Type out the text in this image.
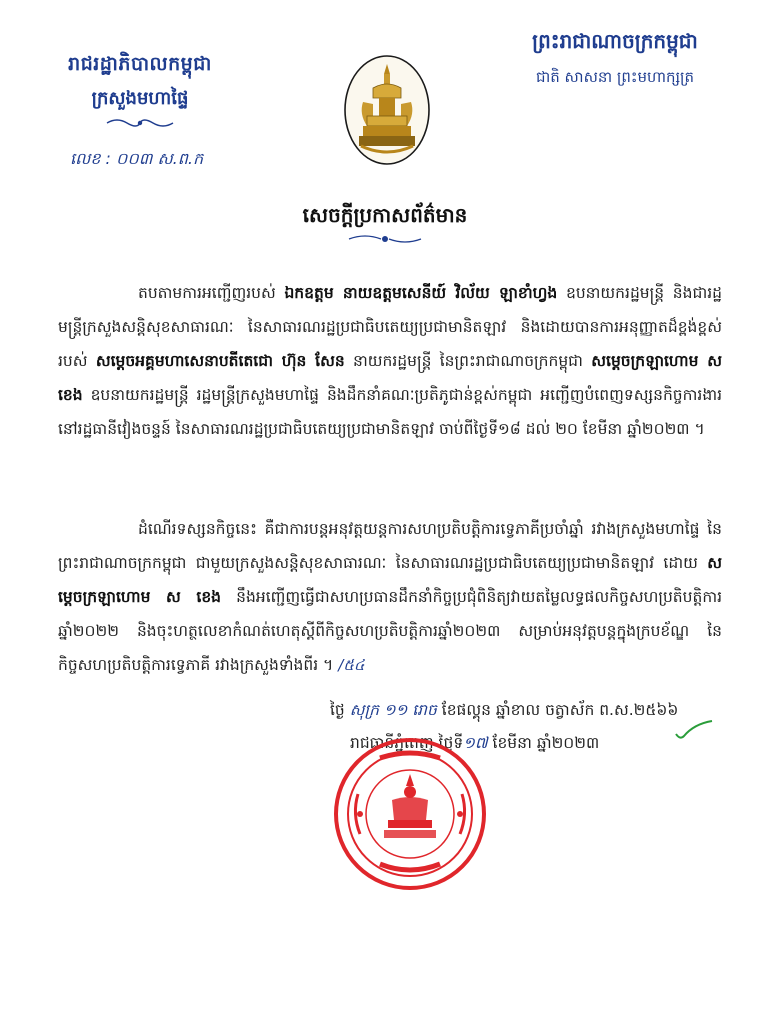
រាជរដ្ឋាភិបាលកម្ពុជា
ក្រសួងមហាផ្ទៃ
លេខ : ០០៣ ស.ព.ក
ព្រះរាជាណាចក្រកម្ពុជា
ជាតិ សាសនា ព្រះមហាក្សត្រ
សេចក្តីប្រកាសព័ត៌មាន
តបតាមការអញ្ជើញរបស់ ឯកឧត្តម នាយឧត្តមសេនីយ៍ វិល័យ ឡាខាំហ្វង ឧបនាយករដ្ឋមន្ត្រី និងជារដ្ឋមន្ត្រីក្រសួងសន្តិសុខសាធារណៈ នៃសាធារណរដ្ឋប្រជាធិបតេយ្យប្រជាមានិតឡាវ និងដោយបានការអនុញ្ញាតដ៏ខ្ពង់ខ្ពស់របស់ សម្តេចអគ្គមហាសេនាបតីតេជោ ហ៊ុន សែន នាយករដ្ឋមន្ត្រី នៃព្រះរាជាណាចក្រកម្ពុជា សម្តេចក្រឡាហោម ស ខេង ឧបនាយករដ្ឋមន្ត្រី រដ្ឋមន្ត្រីក្រសួងមហាផ្ទៃ និងដឹកនាំគណៈប្រតិភូជាន់ខ្ពស់កម្ពុជា អញ្ជើញបំពេញទស្សនកិច្ចការងារ នៅរដ្ឋធានីវៀងចន្ទន៍ នៃសាធារណរដ្ឋប្រជាធិបតេយ្យប្រជាមានិតឡាវ ចាប់ពីថ្ងៃទី១៨ ដល់ ២០ ខែមីនា ឆ្នាំ២០២៣ ។
ដំណើរទស្សនកិច្ចនេះ គឺជាការបន្តអនុវត្តយន្តការសហប្រតិបត្តិការទ្វេភាគីប្រចាំឆ្នាំ រវាងក្រសួងមហាផ្ទៃ នៃព្រះរាជាណាចក្រកម្ពុជា ជាមួយក្រសួងសន្តិសុខសាធារណៈ នៃសាធារណរដ្ឋប្រជាធិបតេយ្យប្រជាមានិតឡាវ ដោយ សម្តេចក្រឡាហោម ស ខេង នឹងអញ្ជើញធ្វើជាសហប្រធានដឹកនាំកិច្ចប្រជុំពិនិត្យវាយតម្លៃលទ្ធផលកិច្ចសហប្រតិបត្តិការឆ្នាំ២០២២ និងចុះហត្ថលេខាកំណត់ហេតុស្តីពីកិច្ចសហប្រតិបត្តិការឆ្នាំ២០២៣ សម្រាប់អនុវត្តបន្តក្នុងក្របខ័ណ្ឌ នៃកិច្ចសហប្រតិបត្តិការទ្វេភាគី រវាងក្រសួងទាំងពីរ ។ /៥៤
ថ្ងៃ សុក្រ ១១ រោច ខែផល្គុន ឆ្នាំខាល ចត្វាស័ក ព.ស.២៥៦៦
រាជធានីភ្នំពេញ ថ្ងៃទី១៧ ខែមីនា ឆ្នាំ២០២៣
